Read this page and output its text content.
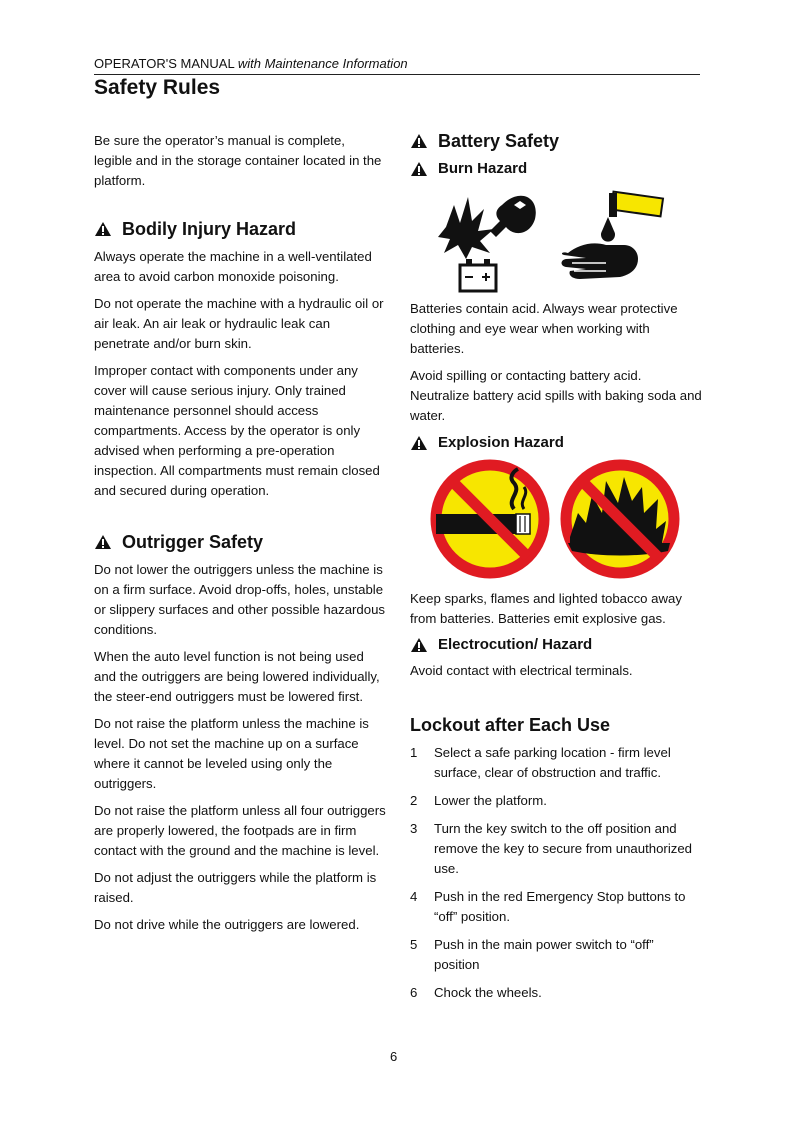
OPERATOR'S MANUAL with Maintenance Information
Safety Rules

Be sure the operator’s manual is complete, legible and in the storage container located in the platform.

Bodily Injury Hazard

Always operate the machine in a well-ventilated area to avoid carbon monoxide poisoning.

Do not operate the machine with a hydraulic oil or air leak. An air leak or hydraulic leak can penetrate and/or burn skin.

Improper contact with components under any cover will cause serious injury. Only trained maintenance personnel should access compartments. Access by the operator is only advised when performing a pre-operation inspection. All compartments must remain closed and secured during operation.

Outrigger Safety

Do not lower the outriggers unless the machine is on a firm surface. Avoid drop-offs, holes, unstable or slippery surfaces and other possible hazardous conditions.

When the auto level function is not being used and the outriggers are being lowered individually, the steer-end outriggers must be lowered first.

Do not raise the platform unless the machine is level. Do not set the machine up on a surface where it cannot be leveled using only the outriggers.

Do not raise the platform unless all four outriggers are properly lowered, the footpads are in firm contact with the ground and the machine is level.

Do not adjust the outriggers while the platform is raised.

Do not drive while the outriggers are lowered.

Battery Safety
Burn Hazard

Batteries contain acid. Always wear protective clothing and eye wear when working with batteries.

Avoid spilling or contacting battery acid. Neutralize battery acid spills with baking soda and water.

Explosion Hazard

Keep sparks, flames and lighted tobacco away from batteries. Batteries emit explosive gas.

Electrocution/ Hazard

Avoid contact with electrical terminals.

Lockout after Each Use
1	Select a safe parking location - firm level surface, clear of obstruction and traffic.
2	Lower the platform.
3	Turn the key switch to the off position and remove the key to secure from unauthorized use.
4	Push in the red Emergency Stop buttons to “off” position.
5	Push in the main power switch to “off” position
6	Chock the wheels.
6
